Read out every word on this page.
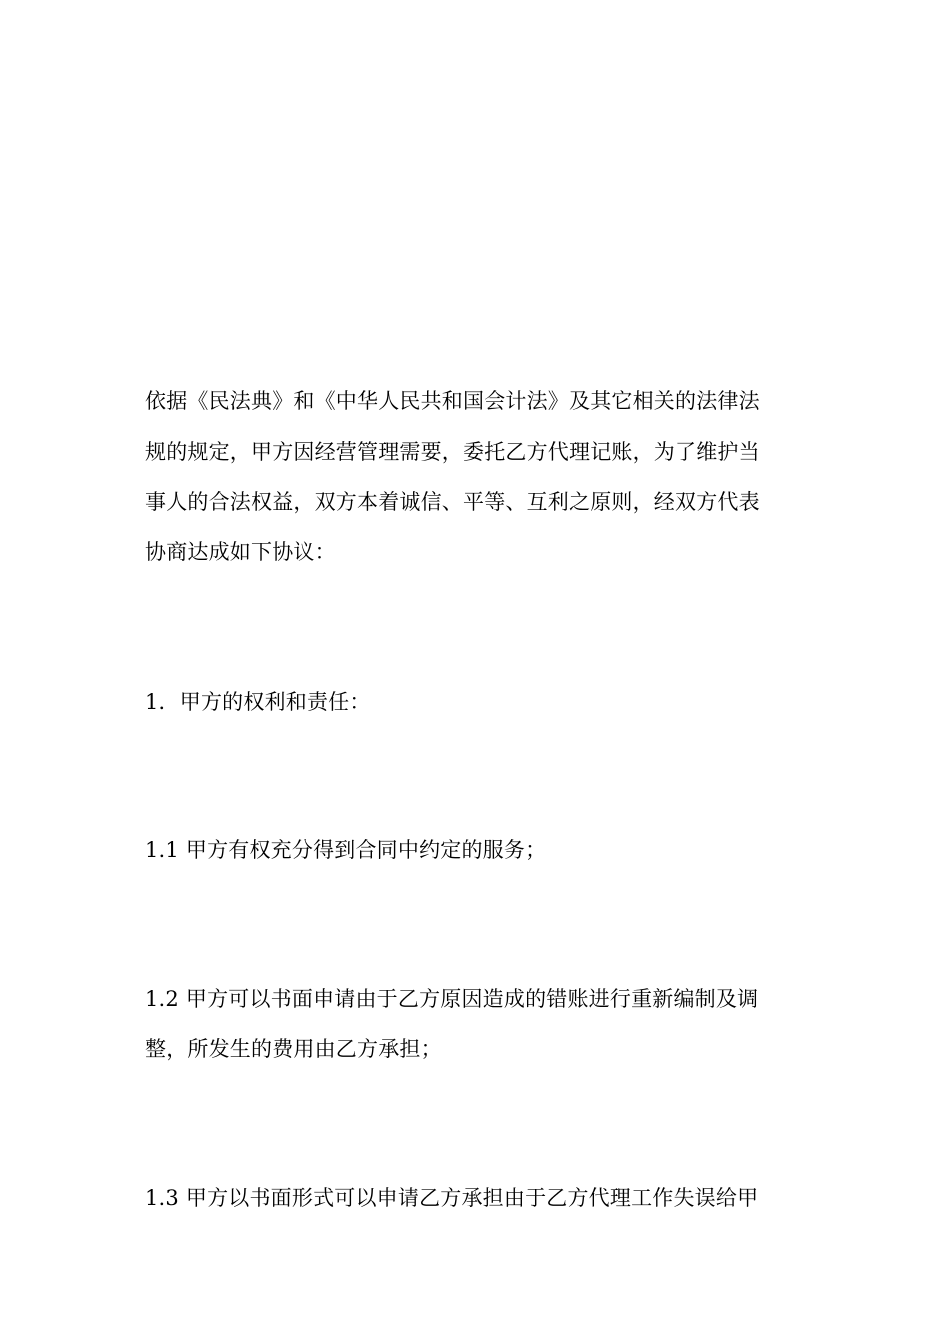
依据《民法典》和《中华人民共和国会计法》及其它相关的法律法
规的规定，甲方因经营管理需要，委托乙方代理记账，为了维护当
事人的合法权益，双方本着诚信、平等、互利之原则，经双方代表
协商达成如下协议：
1．甲方的权利和责任：
1.1 甲方有权充分得到合同中约定的服务；
1.2 甲方可以书面申请由于乙方原因造成的错账进行重新编制及调
整，所发生的费用由乙方承担；
1.3 甲方以书面形式可以申请乙方承担由于乙方代理工作失误给甲
